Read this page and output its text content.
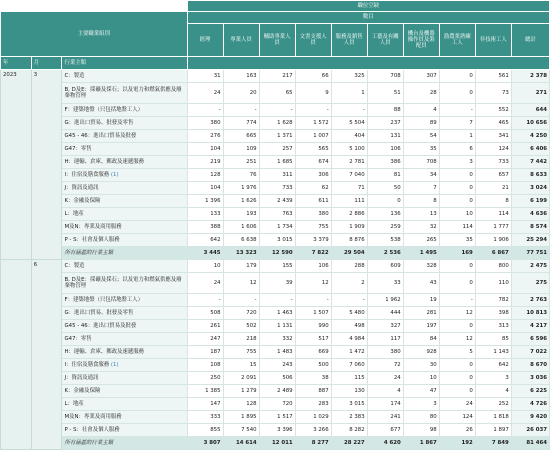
			職位空缺									
主要職業組別			數目									
			經理	專業人員	輔助專業人員	文書支援人員	服務及銷售人員	工藝及有關人員	機台及機器操作員及裝配員	漁農業熟練工人	非技術工人	總計
年	月	行業主類										
2023	3	C：製造	31	163	217	66	325	708	307	0	561	2 378
		B, D及E：採礦及採石；以及電力和燃氣供應及廢棄物管理	24	20	65	9	1	51	28	0	73	271
		F：建築地盤（只包括地盤工人）	-	-	-	-	-	88	4	-	552	644
		G：進出口貿易、批發及零售	380	774	1 628	1 572	5 504	237	89	7	465	10 656
		G45 - 46：進出口貿易及批發	276	665	1 371	1 007	404	131	54	1	341	4 250
		G47：零售	104	109	257	565	5 100	106	35	6	124	6 406
		H：運輸、倉庫、郵政及速遞服務	219	251	1 685	674	2 781	386	708	3	733	7 442
		I：住宿及膳食服務 (1)	128	76	311	306	7 040	81	34	0	657	8 633
		J：資訊及通訊	104	1 976	733	62	71	50	7	0	21	3 024
		K：金融及保險	1 396	1 626	2 439	611	111	0	8	0	8	6 199
		L：地產	133	193	763	380	2 886	136	13	10	114	4 636
		M及N：專業及商用服務	388	1 606	1 734	755	1 909	259	32	114	1 777	8 574
		P - S：社會及個人服務	642	6 638	3 015	3 379	8 876	538	265	35	1 906	25 294
		所有涵蓋的行業主類	3 445	13 323	12 590	7 822	29 504	2 536	1 495	169	6 867	77 751
	6	C：製造	10	179	155	106	288	609	328	0	800	2 475
		B, D及E：採礦及採石；以及電力和燃氣供應及廢棄物管理	24	12	39	12	2	33	43	0	110	275
		F：建築地盤（只包括地盤工人）	-	-	-	-	-	1 962	19	-	782	2 763
		G：進出口貿易、批發及零售	508	720	1 463	1 507	5 480	444	281	12	398	10 813
		G45 - 46：進出口貿易及批發	261	502	1 131	990	498	327	197	0	313	4 217
		G47：零售	247	218	332	517	4 984	117	84	12	85	6 596
		H：運輸、倉庫、郵政及速遞服務	187	755	1 483	669	1 472	380	928	5	1 143	7 022
		I：住宿及膳食服務 (1)	108	15	243	500	7 060	72	30	0	642	8 670
		J：資訊及通訊	250	2 091	506	38	115	24	10	0	3	3 036
		K：金融及保險	1 385	1 279	2 489	887	130	4	47	0	4	6 225
		L：地產	147	128	720	283	3 015	174	3	24	252	4 726
		M及N：專業及商用服務	333	1 895	1 517	1 029	2 383	241	80	124	1 818	9 420
		P - S：社會及個人服務	855	7 540	3 396	3 266	8 282	677	98	26	1 897	26 037
		所有涵蓋的行業主類	3 807	14 614	12 011	8 277	28 227	4 620	1 867	192	7 849	81 464
